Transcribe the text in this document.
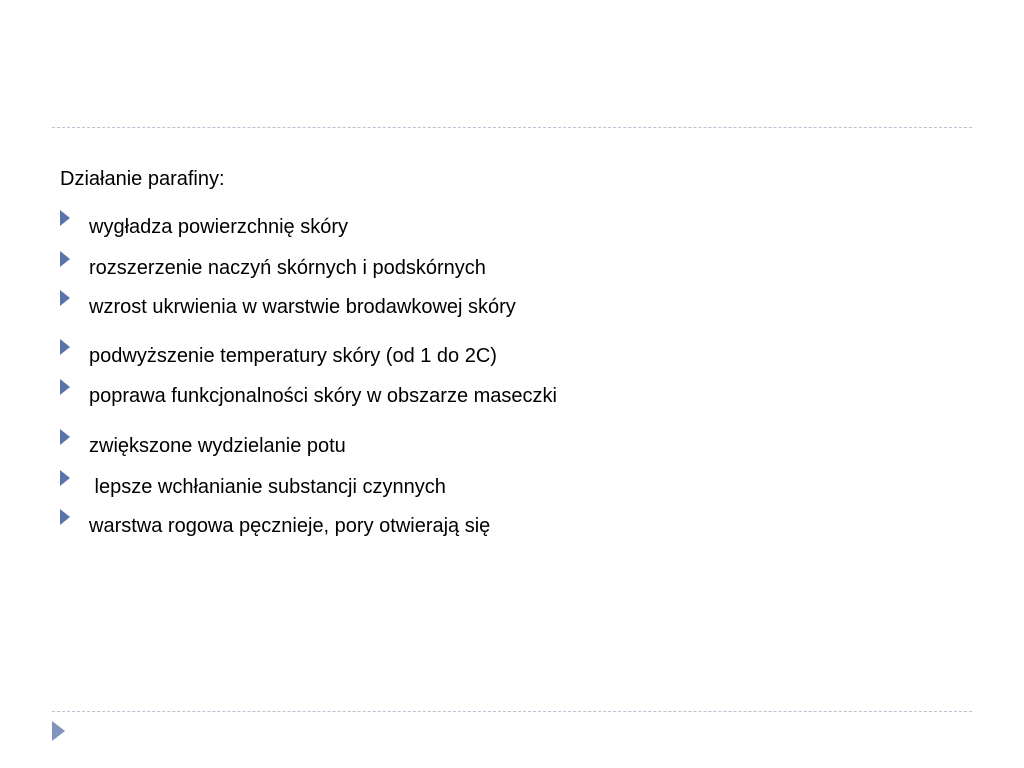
Działanie parafiny:
wygładza powierzchnię skóry
rozszerzenie naczyń skórnych i podskórnych
wzrost ukrwienia w warstwie brodawkowej skóry
podwyższenie temperatury skóry (od 1 do 2C)
poprawa funkcjonalności skóry w obszarze maseczki
zwiększone wydzielanie potu
lepsze wchłanianie substancji czynnych
warstwa rogowa pęcznieje, pory otwierają się
